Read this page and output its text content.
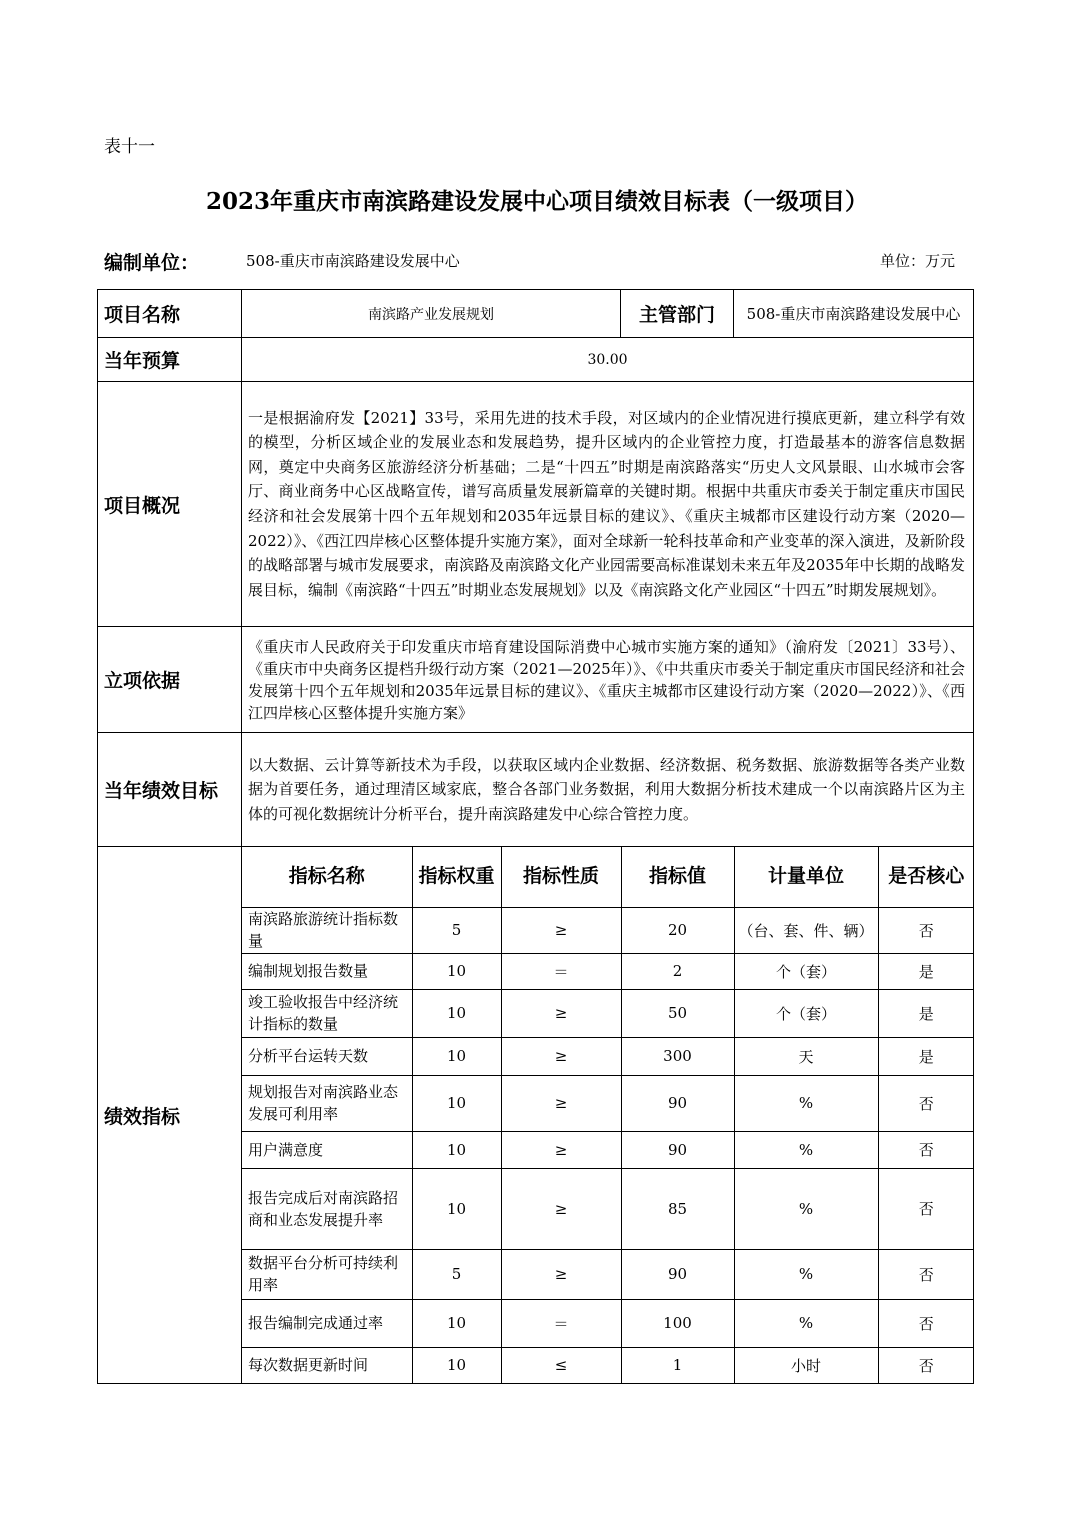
表十一
2023年重庆市南滨路建设发展中心项目绩效目标表（一级项目）
编制单位：	508-重庆市南滨路建设发展中心	单位：万元
项目名称	南滨路产业发展规划	主管部门	508-重庆市南滨路建设发展中心
当年预算	30.00
项目概况	一是根据渝府发【2021】33号，采用先进的技术手段，对区域内的企业情况进行摸底更新，建立科学有效的模型，分析区域企业的发展业态和发展趋势，提升区域内的企业管控力度，打造最基本的游客信息数据网，奠定中央商务区旅游经济分析基础；二是“十四五”时期是南滨路落实“历史人文风景眼、山水城市会客厅、商业商务中心区战略宣传，谱写高质量发展新篇章的关键时期。根据中共重庆市委关于制定重庆市国民经济和社会发展第十四个五年规划和2035年远景目标的建议》、《重庆主城都市区建设行动方案（2020—2022）》、《西江四岸核心区整体提升实施方案》，面对全球新一轮科技革命和产业变革的深入演进，及新阶段的战略部署与城市发展要求，南滨路及南滨路文化产业园需要高标准谋划未来五年及2035年中长期的战略发展目标，编制《南滨路“十四五”时期业态发展规划》以及《南滨路文化产业园区“十四五”时期发展规划》。
立项依据	《重庆市人民政府关于印发重庆市培育建设国际消费中心城市实施方案的通知》（渝府发〔2021〕33号）、《重庆市中央商务区提档升级行动方案（2021—2025年）》、《中共重庆市委关于制定重庆市国民经济和社会发展第十四个五年规划和2035年远景目标的建议》、《重庆主城都市区建设行动方案（2020—2022）》、《西江四岸核心区整体提升实施方案》
当年绩效目标	以大数据、云计算等新技术为手段，以获取区域内企业数据、经济数据、税务数据、旅游数据等各类产业数据为首要任务，通过理清区域家底，整合各部门业务数据，利用大数据分析技术建成一个以南滨路片区为主体的可视化数据统计分析平台，提升南滨路建发中心综合管控力度。
绩效指标	
指标名称	指标权重	指标性质	指标值	计量单位	是否核心
南滨路旅游统计指标数量	5	≥	20	（台、套、件、辆）	否
编制规划报告数量	10	＝	2	个（套）	是
竣工验收报告中经济统计指标的数量	10	≥	50	个（套）	是
分析平台运转天数	10	≥	300	天	是
规划报告对南滨路业态发展可利用率	10	≥	90	%	否
用户满意度	10	≥	90	%	否
报告完成后对南滨路招商和业态发展提升率	10	≥	85	%	否
数据平台分析可持续利用率	5	≥	90	%	否
报告编制完成通过率	10	＝	100	%	否
每次数据更新时间	10	≤	1	小时	否
